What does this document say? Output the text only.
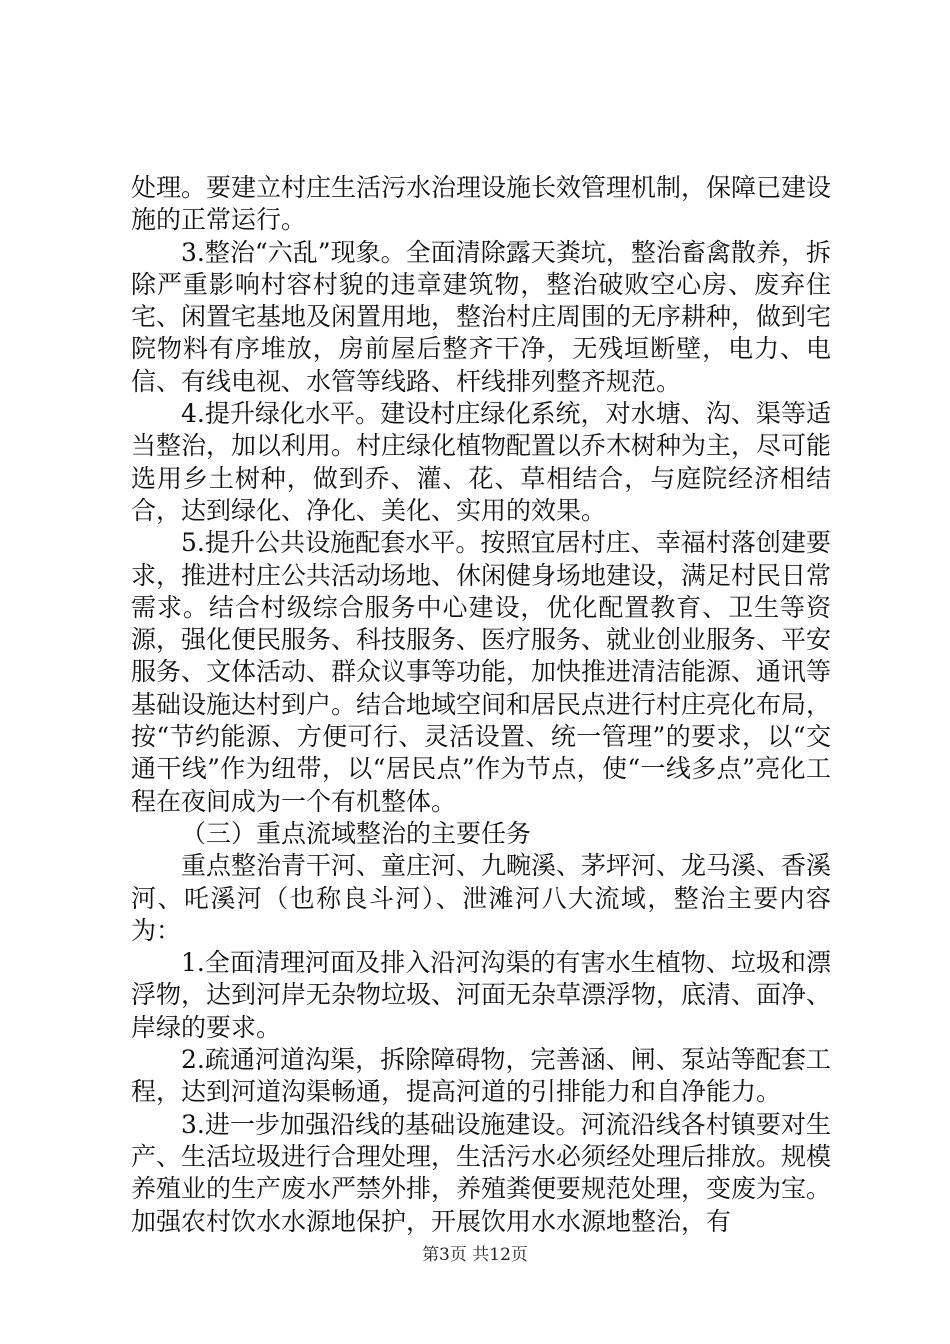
处理。要建立村庄生活污水治理设施长效管理机制，保障已建设施的正常运行。

3.整治“六乱”现象。全面清除露天粪坑，整治畜禽散养，拆除严重影响村容村貌的违章建筑物，整治破败空心房、废弃住宅、闲置宅基地及闲置用地，整治村庄周围的无序耕种，做到宅院物料有序堆放，房前屋后整齐干净，无残垣断壁，电力、电信、有线电视、水管等线路、杆线排列整齐规范。

4.提升绿化水平。建设村庄绿化系统，对水塘、沟、渠等适当整治，加以利用。村庄绿化植物配置以乔木树种为主，尽可能选用乡土树种，做到乔、灌、花、草相结合，与庭院经济相结合，达到绿化、净化、美化、实用的效果。

5.提升公共设施配套水平。按照宜居村庄、幸福村落创建要求，推进村庄公共活动场地、休闲健身场地建设，满足村民日常需求。结合村级综合服务中心建设，优化配置教育、卫生等资源，强化便民服务、科技服务、医疗服务、就业创业服务、平安服务、文体活动、群众议事等功能，加快推进清洁能源、通讯等基础设施达村到户。结合地域空间和居民点进行村庄亮化布局，按“节约能源、方便可行、灵活设置、统一管理”的要求，以“交通干线”作为纽带，以“居民点”作为节点，使“一线多点”亮化工程在夜间成为一个有机整体。

（三）重点流域整治的主要任务

重点整治青干河、童庄河、九畹溪、茅坪河、龙马溪、香溪河、吒溪河（也称良斗河）、泄滩河八大流域，整治主要内容为：

1.全面清理河面及排入沿河沟渠的有害水生植物、垃圾和漂浮物，达到河岸无杂物垃圾、河面无杂草漂浮物，底清、面净、岸绿的要求。

2.疏通河道沟渠，拆除障碍物，完善涵、闸、泵站等配套工程，达到河道沟渠畅通，提高河道的引排能力和自净能力。

3.进一步加强沿线的基础设施建设。河流沿线各村镇要对生产、生活垃圾进行合理处理，生活污水必须经处理后排放。规模养殖业的生产废水严禁外排，养殖粪便要规范处理，变废为宝。加强农村饮水水源地保护，开展饮用水水源地整治，有

第3页 共12页
